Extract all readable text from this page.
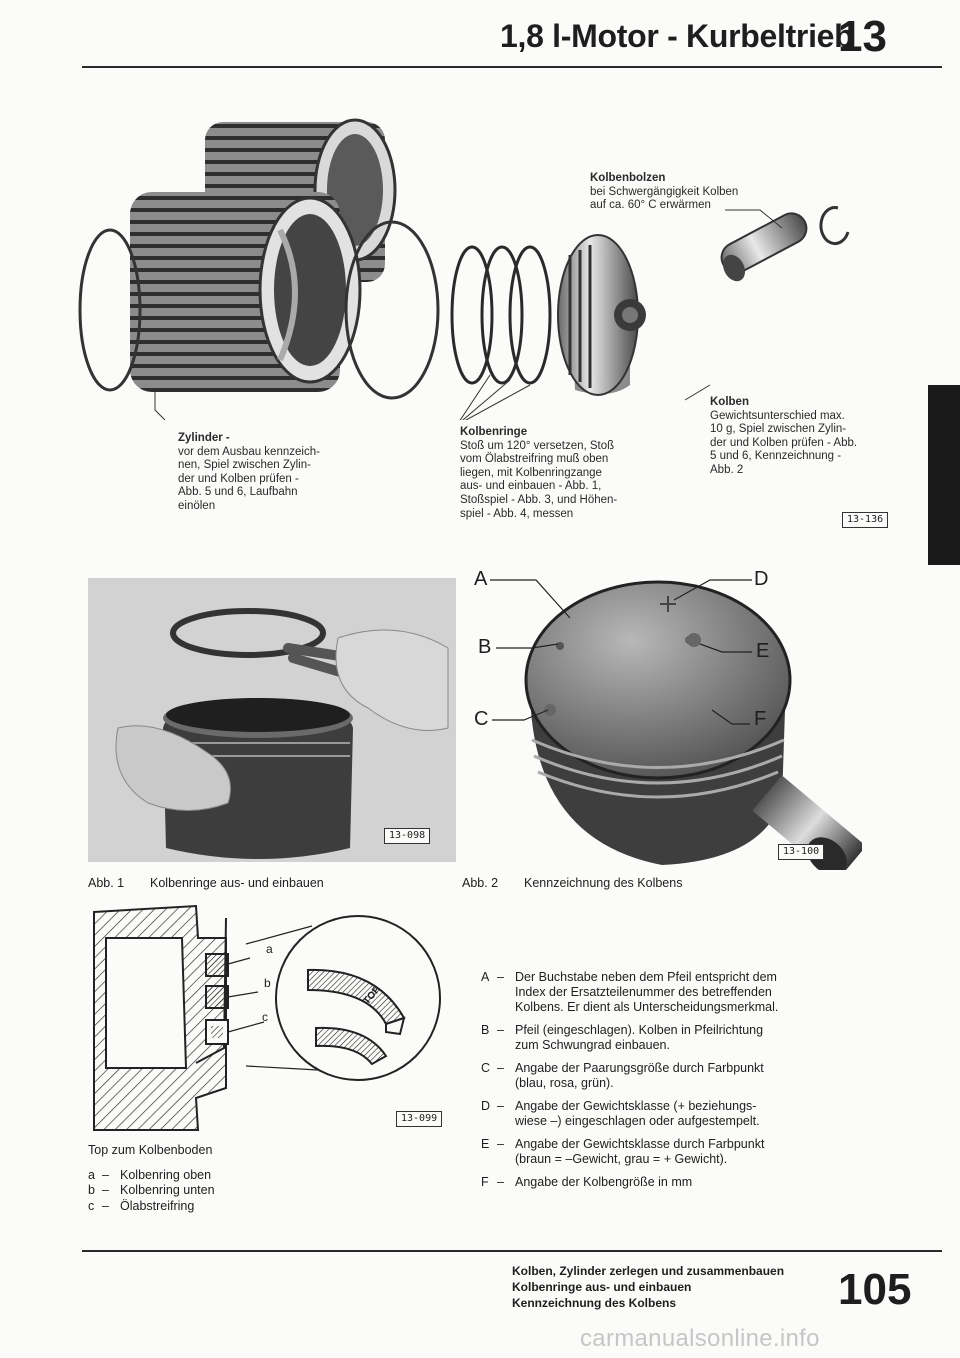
1,8 l-Motor - Kurbeltrieb
13
Kolbenbolzen
bei Schwergängigkeit Kolben
auf ca. 60° C erwärmen
Zylinder -
vor dem Ausbau kennzeich-
nen, Spiel zwischen Zylin-
der und Kolben prüfen -
Abb. 5 und 6, Laufbahn
einölen
Kolbenringe
Stoß um 120° versetzen, Stoß
vom Ölabstreifring muß oben
liegen, mit Kolbenringzange
aus- und einbauen - Abb. 1,
Stoßspiel - Abb. 3, und Höhen-
spiel - Abb. 4, messen
Kolben
Gewichtsunterschied max.
10 g, Spiel zwischen Zylin-
der und Kolben prüfen - Abb.
5 und 6, Kennzeichnung -
Abb. 2
13-136
13-098
Abb. 1 Kolbenringe aus- und einbauen
A	D
B	E
C	F
13-100
Abb. 2 Kennzeichnung des Kolbens
a
b
c
TOP
13-099
Top zum Kolbenboden
a – Kolbenring oben
b – Kolbenring unten
c – Ölabstreifring
A – Der Buchstabe neben dem Pfeil entspricht dem
Index der Ersatzteilenummer des betreffenden
Kolbens. Er dient als Unterscheidungsmerkmal.
B – Pfeil (eingeschlagen). Kolben in Pfeilrichtung
zum Schwungrad einbauen.
C – Angabe der Paarungsgröße durch Farbpunkt
(blau, rosa, grün).
D – Angabe der Gewichtsklasse (+ beziehungs-
wiese –) eingeschlagen oder aufgestempelt.
E – Angabe der Gewichtsklasse durch Farbpunkt
(braun = –Gewicht, grau = + Gewicht).
F – Angabe der Kolbengröße in mm
Kolben, Zylinder zerlegen und zusammenbauen
Kolbenringe aus- und einbauen
Kennzeichnung des Kolbens	105
carmanualsonline.info
